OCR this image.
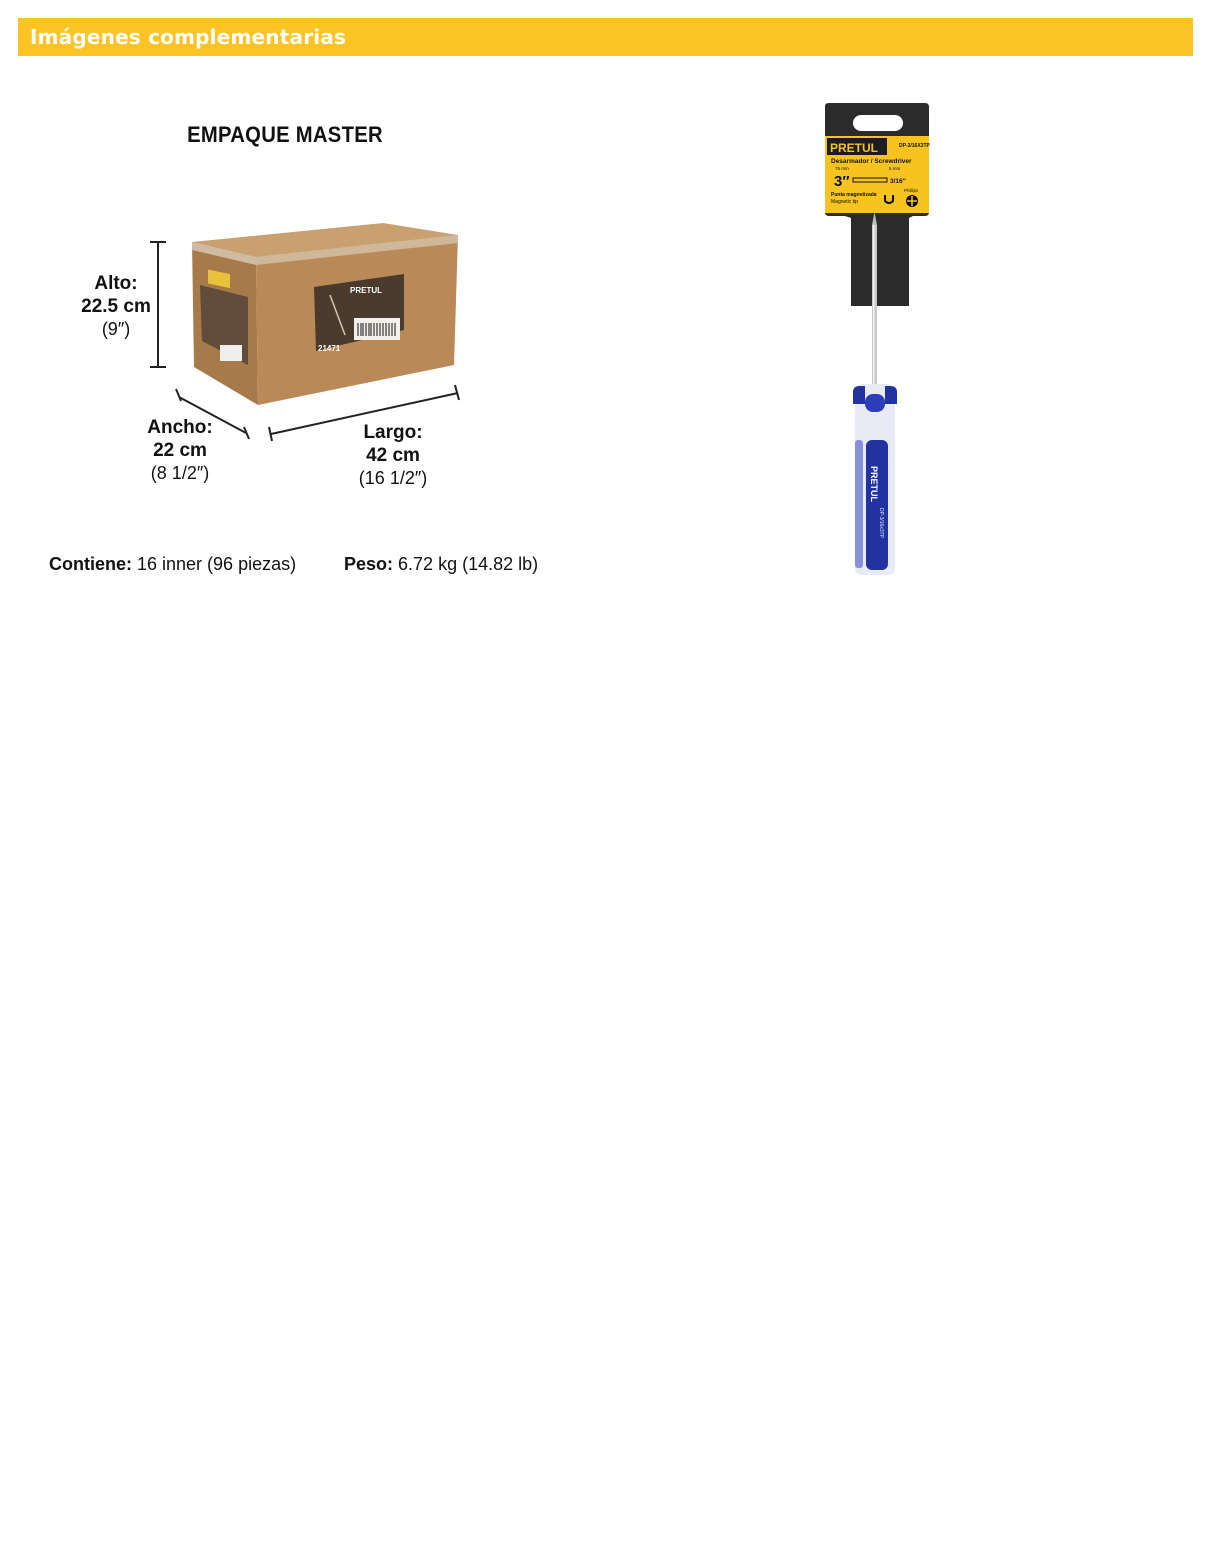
Imágenes complementarias
EMPAQUE MASTER
PRETUL
21471
Alto:
22.5 cm
(9″)
Ancho:
22 cm
(8 1/2″)
Largo:
42 cm
(16 1/2″)
Contiene: 16 inner (96 piezas)	Peso: 6.72 kg (14.82 lb)
PRETUL	DP-3/16X3TP
Desarmador / Screwdriver
75 mm
3″
5 mm
3/16″
Punta magnetizada
Magnetic tip
Phillips
PRETUL
DP-3/16x3TP
